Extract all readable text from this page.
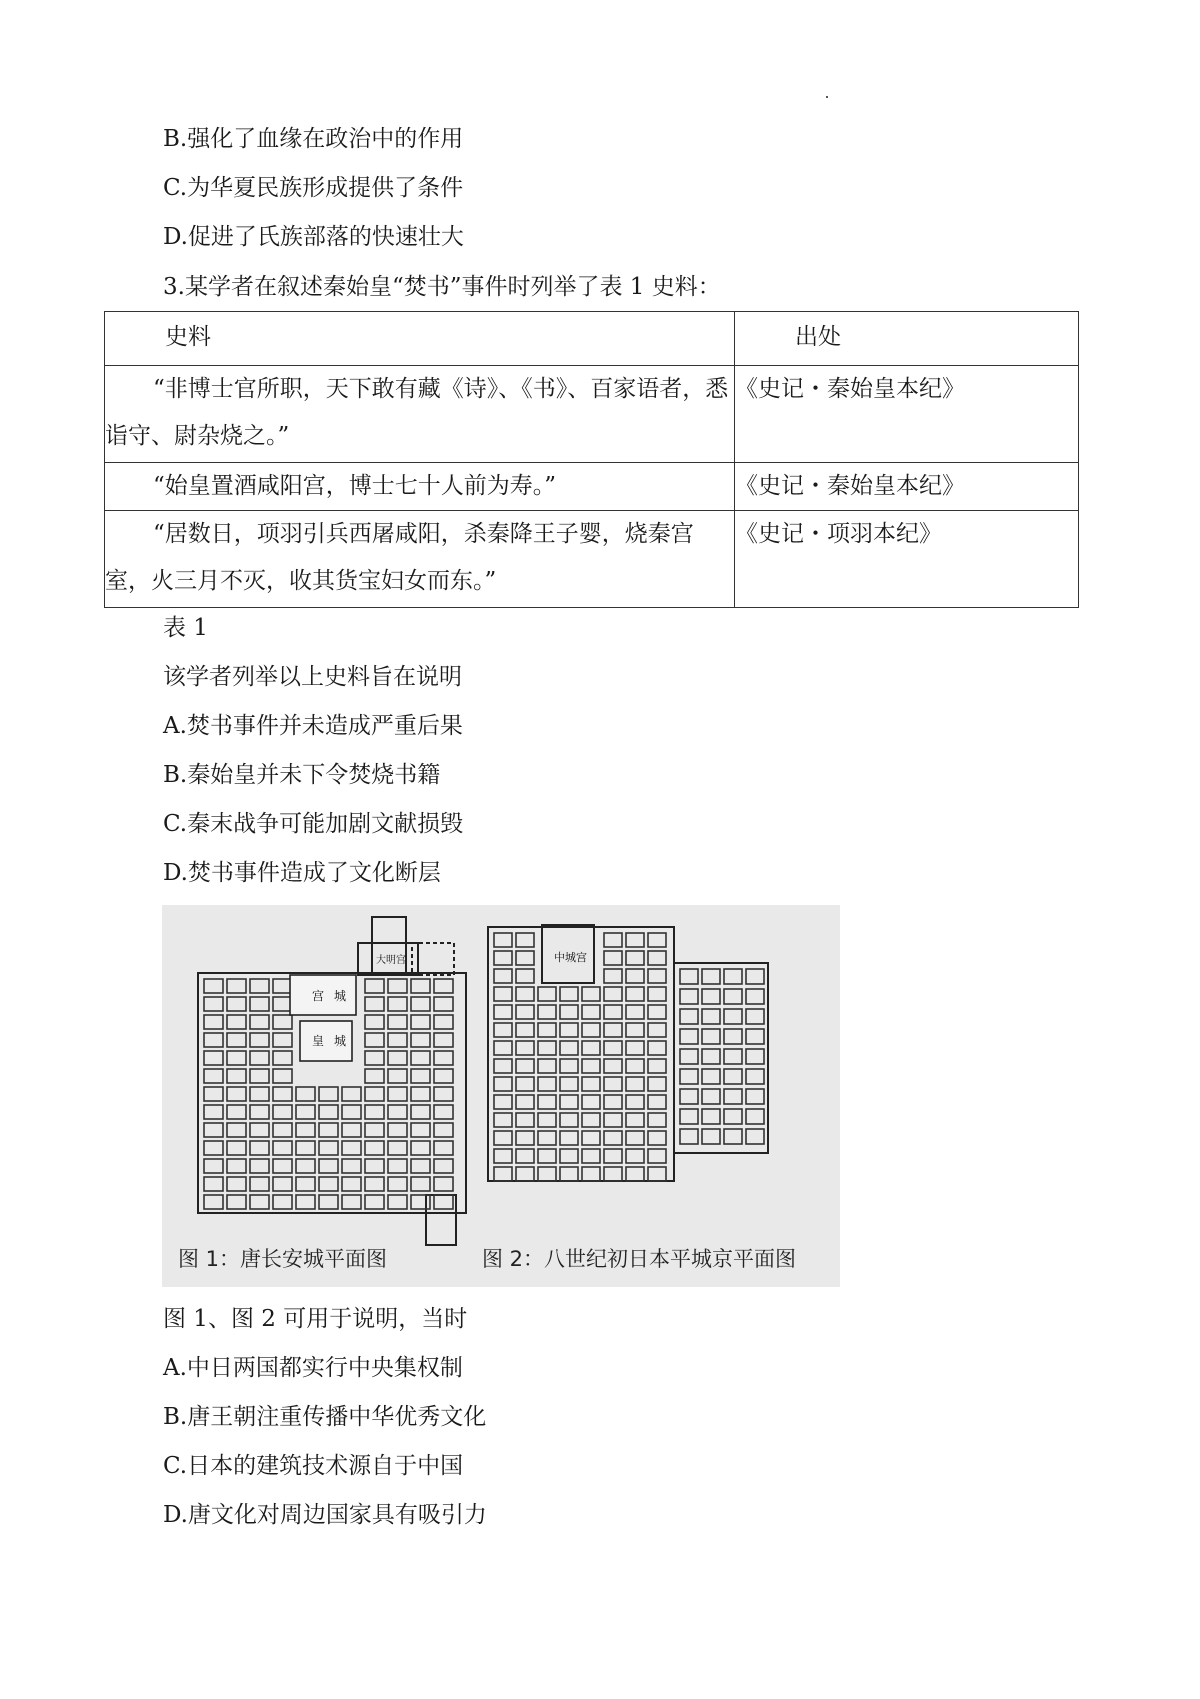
B.强化了血缘在政治中的作用
C.为华夏民族形成提供了条件
D.促进了氏族部落的快速壮大
3.某学者在叙述秦始皇“焚书”事件时列举了表 1 史料：
史料	出处
“非博士官所职，天下敢有藏《诗》、《书》、百家语者，悉诣守、尉杂烧之。”	《史记・秦始皇本纪》
“始皇置酒咸阳宫，博士七十人前为寿。”	《史记・秦始皇本纪》
“居数日，项羽引兵西屠咸阳，杀秦降王子婴，烧秦宫室，火三月不灭，收其货宝妇女而东。”	《史记・项羽本纪》
表 1
该学者列举以上史料旨在说明
A.焚书事件并未造成严重后果
B.秦始皇并未下令焚烧书籍
C.秦末战争可能加剧文献损毁
D.焚书事件造成了文化断层
大明宫
宫 城
皇 城
中城宫
图 1：唐长安城平面图	图 2：八世纪初日本平城京平面图
图 1、图 2 可用于说明，当时
A.中日两国都实行中央集权制
B.唐王朝注重传播中华优秀文化
C.日本的建筑技术源自于中国
D.唐文化对周边国家具有吸引力
